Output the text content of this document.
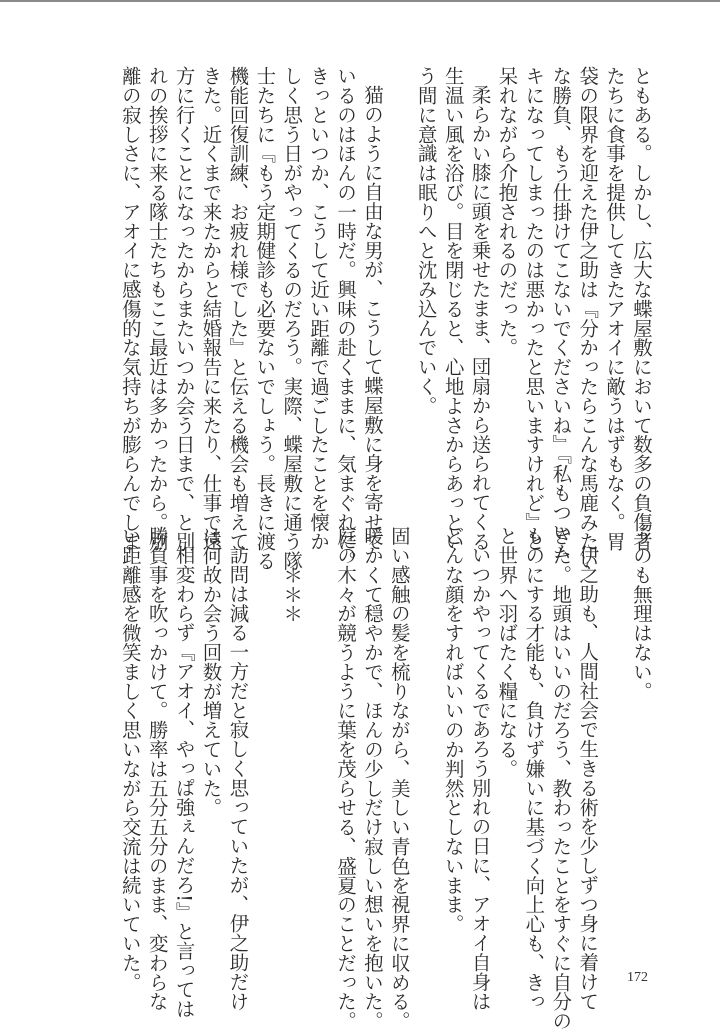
ともある。しかし、広大な蝶屋敷において数多の負傷者
たちに食事を提供してきたアオイに敵うはずもなく。胃
袋の限界を迎えた伊之助は『分かったらこんな馬鹿みたい
な勝負、もう仕掛けてこないでくださいね』『私もついム
キになってしまったのは悪かったと思いますけれど』と
呆れながら介抱されるのだった。
柔らかい膝に頭を乗せたまま、団扇から送られてくる
生温い風を浴び。目を閉じると、心地よさからあっとい
う間に意識は眠りへと沈み込んでいく。
猫のように自由な男が、こうして蝶屋敷に身を寄せて
いるのはほんの一時だ。興味の赴くままに、気まぐれに。
きっといつか、こうして近い距離で過ごしたことを懐か
しく思う日がやってくるのだろう。実際、蝶屋敷に通う隊
士たちに『もう定期健診も必要ないでしょう。長きに渡る
機能回復訓練、お疲れ様でした』と伝える機会も増えて
きた。近くまで来たからと結婚報告に来たり、仕事で遠
方に行くことになったからまたいつか会う日まで、と別
れの挨拶に来る隊士たちもここ最近は多かったから。別
離の寂しさに、アオイに感傷的な気持ちが膨らんでしま
うのも無理はない。
伊之助も、人間社会で生きる術を少しずつ身に着けて
きた。地頭はいいのだろう、教わったことをすぐに自分の
ものにする才能も、負けず嫌いに基づく向上心も、きっ
と世界へ羽ばたく糧になる。
いつかやってくるであろう別れの日に、アオイ自身は
どんな顔をすればいいのか判然としないまま。
固い感触の髪を梳りながら、美しい青色を視界に収める。
暖かくて穏やかで、ほんの少しだけ寂しい想いを抱いた。
庭の木々が競うように葉を茂らせる、盛夏のことだった。
＊＊＊
訪問は減る一方だと寂しく思っていたが、伊之助だけ
は何故か会う回数が増えていた。
相変わらず『アオイ、やっぱ強ぇんだろ!』と言っては
勝負事を吹っかけて。勝率は五分五分のまま、変わらな
い距離感を微笑ましく思いながら交流は続いていた。	172
